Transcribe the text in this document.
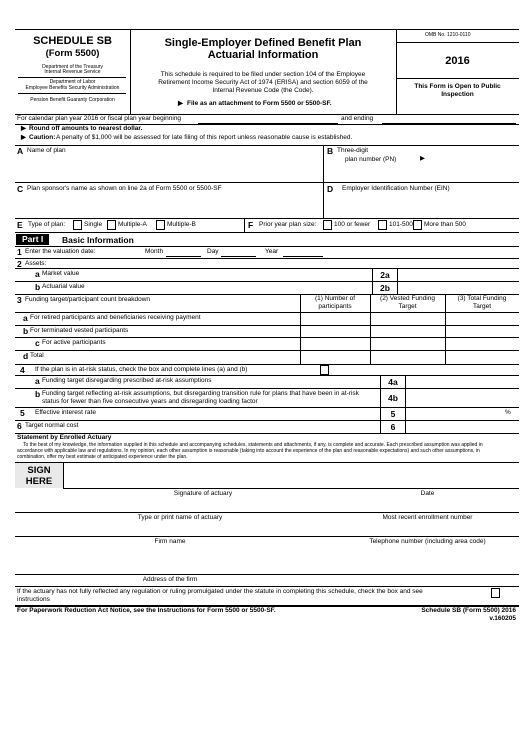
SCHEDULE SB
(Form 5500)
Department of the Treasury
Internal Revenue Service
Department of Labor
Employee Benefits Security Administration
Pension Benefit Guaranty Corporation
Single-Employer Defined Benefit Plan
Actuarial Information
This schedule is required to be filed under section 104 of the Employee
Retirement Income Security Act of 1974 (ERISA) and section 6059 of the
Internal Revenue Code (the Code).
▶ File as an attachment to Form 5500 or 5500-SF.
OMB No. 1210-0110
2016
This Form is Open to Public
Inspection
For calendar plan year 2016 or fiscal plan year beginning	and ending
▶ Round off amounts to nearest dollar.
▶ Caution: A penalty of $1,000 will be assessed for late filing of this report unless reasonable cause is established.
A Name of plan	B Three-digit
plan number (PN)	▶
C Plan sponsor's name as shown on line 2a of Form 5500 or 5500-SF	D Employer Identification Number (EIN)
E Type of plan:	Single Multiple-A	Multiple-B	F Prior year plan size:	100 or fewer	101-500 More than 500
Part I	Basic Information
1 Enter the valuation date:	Month	Day	Year
2 Assets:
a Market value	2a
b Actuarial value	2b
3 Funding target/participant count breakdown	(1) Number of
participants
(2) Vested Funding
Target
(3) Total Funding
Target
a For retired participants and beneficiaries receiving payment
b For terminated vested participants
c For active participants
d Total
4 If the plan is in at-risk status, check the box and complete lines (a) and (b)
a Funding target disregarding prescribed at-risk assumptions	4a
b Funding target reflecting at-risk assumptions, but disregarding transition rule for plans that have been in at-risk
status for fewer than five consecutive years and disregarding loading factor	4b
5 Effective interest rate	5	%
6 Target normal cost	6
Statement by Enrolled Actuary
To the best of my knowledge, the information supplied in this schedule and accompanying schedules, statements and attachments, if any, is complete and accurate. Each prescribed assumption was applied in
accordance with applicable law and regulations. In my opinion, each other assumption is reasonable (taking into account the experience of the plan and reasonable expectations) and such other assumptions, in
combination, offer my best estimate of anticipated experience under the plan.
SIGN
HERE
Signature of actuary	Date
Type or print name of actuary	Most recent enrollment number
Firm name	Telephone number (including area code)
Address of the firm
If the actuary has not fully reflected any regulation or ruling promulgated under the statute in completing this schedule, check the box and see
instructions
For Paperwork Reduction Act Notice, see the Instructions for Form 5500 or 5500-SF.	Schedule SB (Form 5500) 2016
v.160205
